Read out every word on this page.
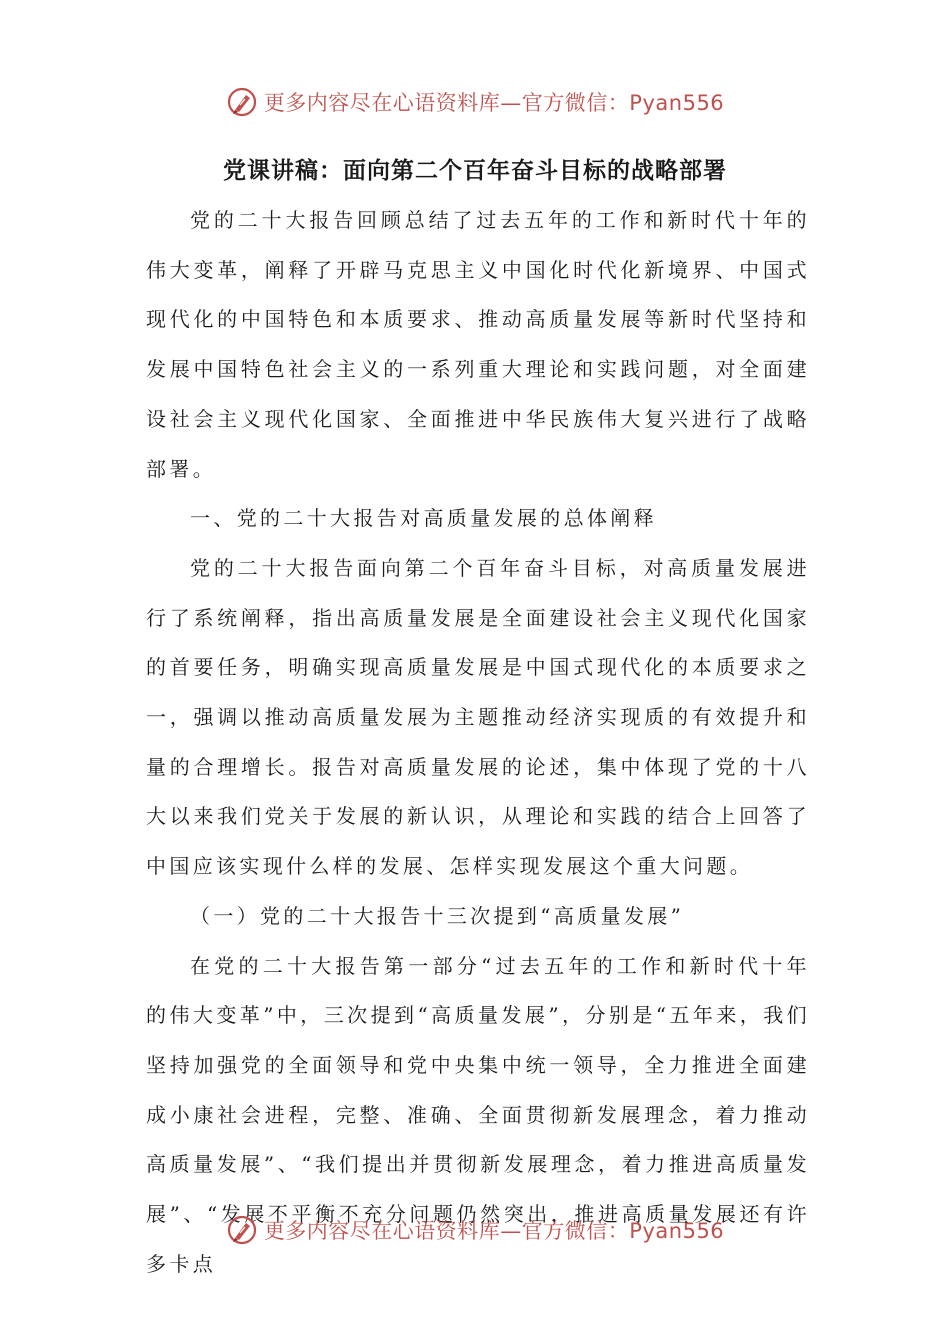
更多内容尽在心语资料库—官方微信：Pyan556
党课讲稿：面向第二个百年奋斗目标的战略部署

党的二十大报告回顾总结了过去五年的工作和新时代十年的伟大变革，阐释了开辟马克思主义中国化时代化新境界、中国式现代化的中国特色和本质要求、推动高质量发展等新时代坚持和发展中国特色社会主义的一系列重大理论和实践问题，对全面建设社会主义现代化国家、全面推进中华民族伟大复兴进行了战略部署。

一、党的二十大报告对高质量发展的总体阐释

党的二十大报告面向第二个百年奋斗目标，对高质量发展进行了系统阐释，指出高质量发展是全面建设社会主义现代化国家的首要任务，明确实现高质量发展是中国式现代化的本质要求之一，强调以推动高质量发展为主题推动经济实现质的有效提升和量的合理增长。报告对高质量发展的论述，集中体现了党的十八大以来我们党关于发展的新认识，从理论和实践的结合上回答了中国应该实现什么样的发展、怎样实现发展这个重大问题。

（一）党的二十大报告十三次提到“高质量发展”

在党的二十大报告第一部分“过去五年的工作和新时代十年的伟大变革”中，三次提到“高质量发展”，分别是“五年来，我们坚持加强党的全面领导和党中央集中统一领导，全力推进全面建成小康社会进程，完整、准确、全面贯彻新发展理念，着力推动高质量发展”、“我们提出并贯彻新发展理念，着力推进高质量发展”、“发展不平衡不充分问题仍然突出，推进高质量发展还有许多卡点

更多内容尽在心语资料库—官方微信：Pyan556
